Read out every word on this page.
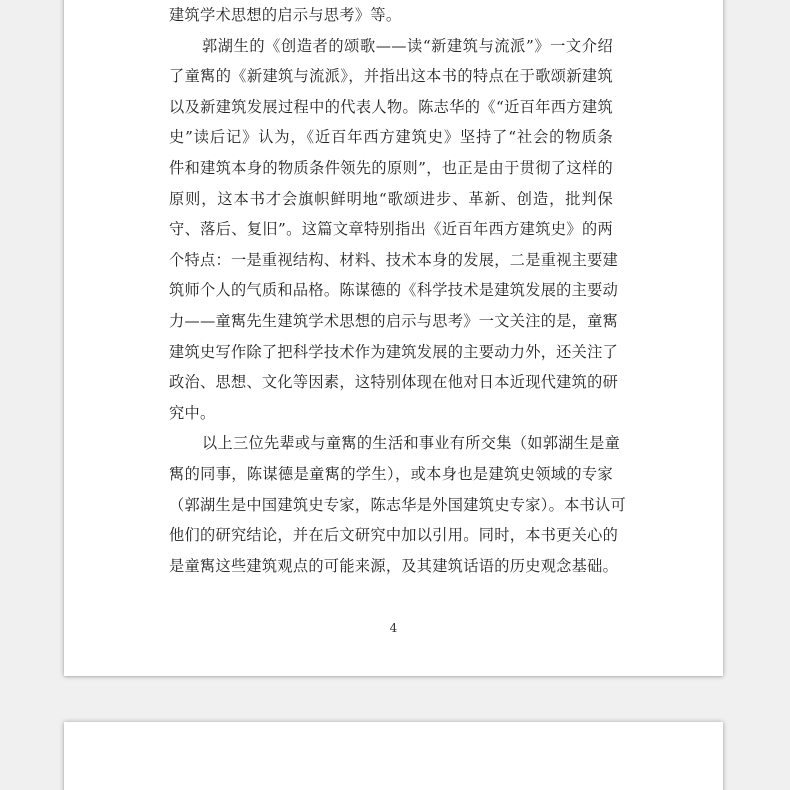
建筑学术思想的启示与思考》等。
郭湖生的《创造者的颂歌——读“新建筑与流派”》一文介绍
了童寯的《新建筑与流派》，并指出这本书的特点在于歌颂新建筑
以及新建筑发展过程中的代表人物。陈志华的《“近百年西方建筑
史”读后记》认为，《近百年西方建筑史》坚持了“社会的物质条
件和建筑本身的物质条件领先的原则”，也正是由于贯彻了这样的
原则，这本书才会旗帜鲜明地“歌颂进步、革新、创造，批判保
守、落后、复旧”。这篇文章特别指出《近百年西方建筑史》的两
个特点：一是重视结构、材料、技术本身的发展，二是重视主要建
筑师个人的气质和品格。陈谋德的《科学技术是建筑发展的主要动
力——童寯先生建筑学术思想的启示与思考》一文关注的是，童寯
建筑史写作除了把科学技术作为建筑发展的主要动力外，还关注了
政治、思想、文化等因素，这特别体现在他对日本近现代建筑的研
究中。
以上三位先辈或与童寯的生活和事业有所交集（如郭湖生是童
寯的同事，陈谋德是童寯的学生），或本身也是建筑史领域的专家
（郭湖生是中国建筑史专家，陈志华是外国建筑史专家）。本书认可
他们的研究结论，并在后文研究中加以引用。同时，本书更关心的
是童寯这些建筑观点的可能来源，及其建筑话语的历史观念基础。
4
